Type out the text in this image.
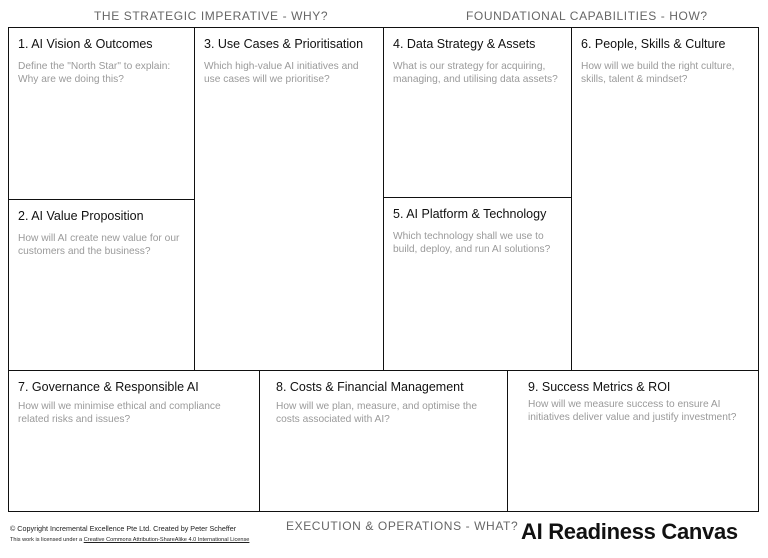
THE STRATEGIC IMPERATIVE - WHY?	FOUNDATIONAL CAPABILITIES - HOW?
EXECUTION & OPERATIONS - WHAT?
1. AI Vision & Outcomes
Define the "North Star" to explain: Why are we doing this?
2. AI Value Proposition
How will AI create new value for our customers and the business?
3. Use Cases & Prioritisation
Which high-value AI initiatives and use cases will we prioritise?
4. Data Strategy & Assets
What is our strategy for acquiring, managing, and utilising data assets?
5. AI Platform & Technology
Which technology shall we use to build, deploy, and run AI solutions?
6. People, Skills & Culture
How will we build the right culture, skills, talent & mindset?
7. Governance & Responsible AI
How will we minimise ethical and compliance related risks and issues?
8. Costs & Financial Management
How will we plan, measure, and optimise the costs associated with AI?
9. Success Metrics & ROI
How will we measure success to ensure AI initiatives deliver value and justify investment?
© Copyright Incremental Excellence Pte Ltd. Created by Peter Scheffer
This work is licensed under a Creative Commons Attribution-ShareAlike 4.0 International License	AI Readiness Canvas
